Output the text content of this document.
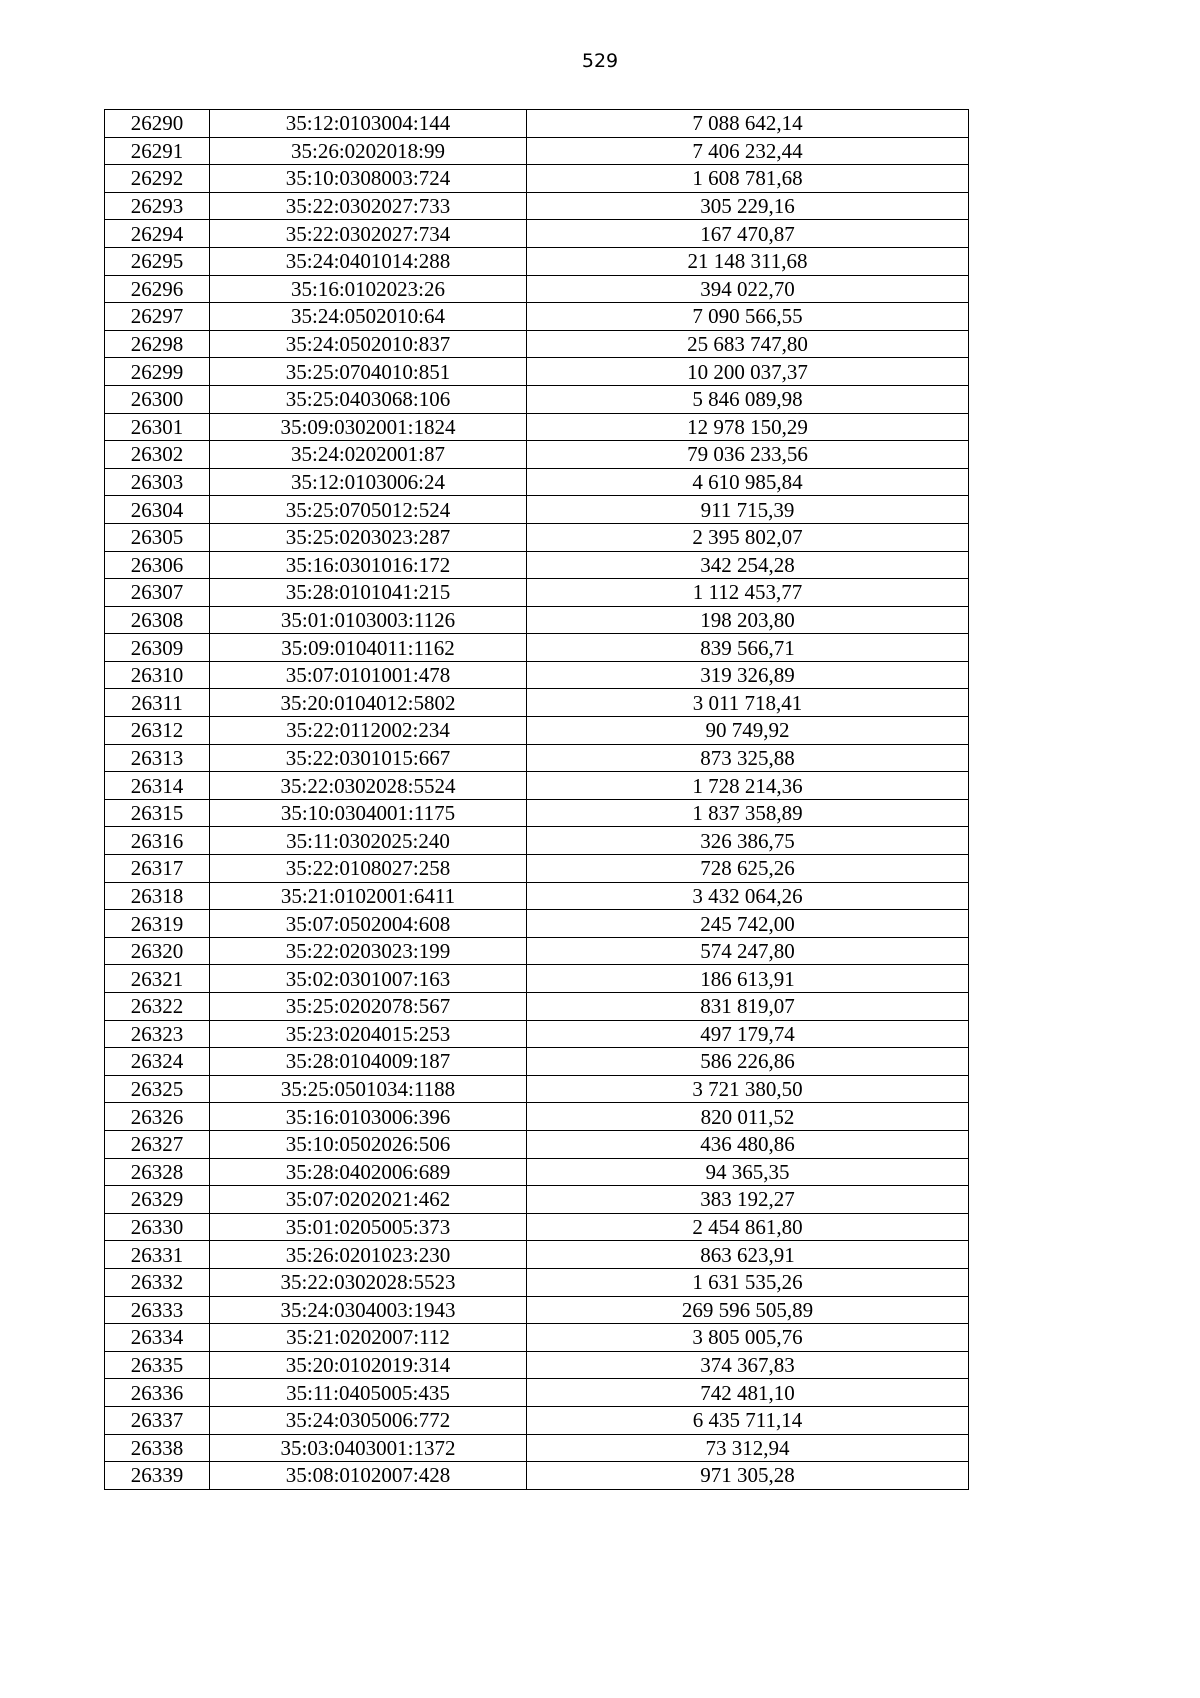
529
26290	35:12:0103004:144	7 088 642,14
26291	35:26:0202018:99	7 406 232,44
26292	35:10:0308003:724	1 608 781,68
26293	35:22:0302027:733	305 229,16
26294	35:22:0302027:734	167 470,87
26295	35:24:0401014:288	21 148 311,68
26296	35:16:0102023:26	394 022,70
26297	35:24:0502010:64	7 090 566,55
26298	35:24:0502010:837	25 683 747,80
26299	35:25:0704010:851	10 200 037,37
26300	35:25:0403068:106	5 846 089,98
26301	35:09:0302001:1824	12 978 150,29
26302	35:24:0202001:87	79 036 233,56
26303	35:12:0103006:24	4 610 985,84
26304	35:25:0705012:524	911 715,39
26305	35:25:0203023:287	2 395 802,07
26306	35:16:0301016:172	342 254,28
26307	35:28:0101041:215	1 112 453,77
26308	35:01:0103003:1126	198 203,80
26309	35:09:0104011:1162	839 566,71
26310	35:07:0101001:478	319 326,89
26311	35:20:0104012:5802	3 011 718,41
26312	35:22:0112002:234	90 749,92
26313	35:22:0301015:667	873 325,88
26314	35:22:0302028:5524	1 728 214,36
26315	35:10:0304001:1175	1 837 358,89
26316	35:11:0302025:240	326 386,75
26317	35:22:0108027:258	728 625,26
26318	35:21:0102001:6411	3 432 064,26
26319	35:07:0502004:608	245 742,00
26320	35:22:0203023:199	574 247,80
26321	35:02:0301007:163	186 613,91
26322	35:25:0202078:567	831 819,07
26323	35:23:0204015:253	497 179,74
26324	35:28:0104009:187	586 226,86
26325	35:25:0501034:1188	3 721 380,50
26326	35:16:0103006:396	820 011,52
26327	35:10:0502026:506	436 480,86
26328	35:28:0402006:689	94 365,35
26329	35:07:0202021:462	383 192,27
26330	35:01:0205005:373	2 454 861,80
26331	35:26:0201023:230	863 623,91
26332	35:22:0302028:5523	1 631 535,26
26333	35:24:0304003:1943	269 596 505,89
26334	35:21:0202007:112	3 805 005,76
26335	35:20:0102019:314	374 367,83
26336	35:11:0405005:435	742 481,10
26337	35:24:0305006:772	6 435 711,14
26338	35:03:0403001:1372	73 312,94
26339	35:08:0102007:428	971 305,28
